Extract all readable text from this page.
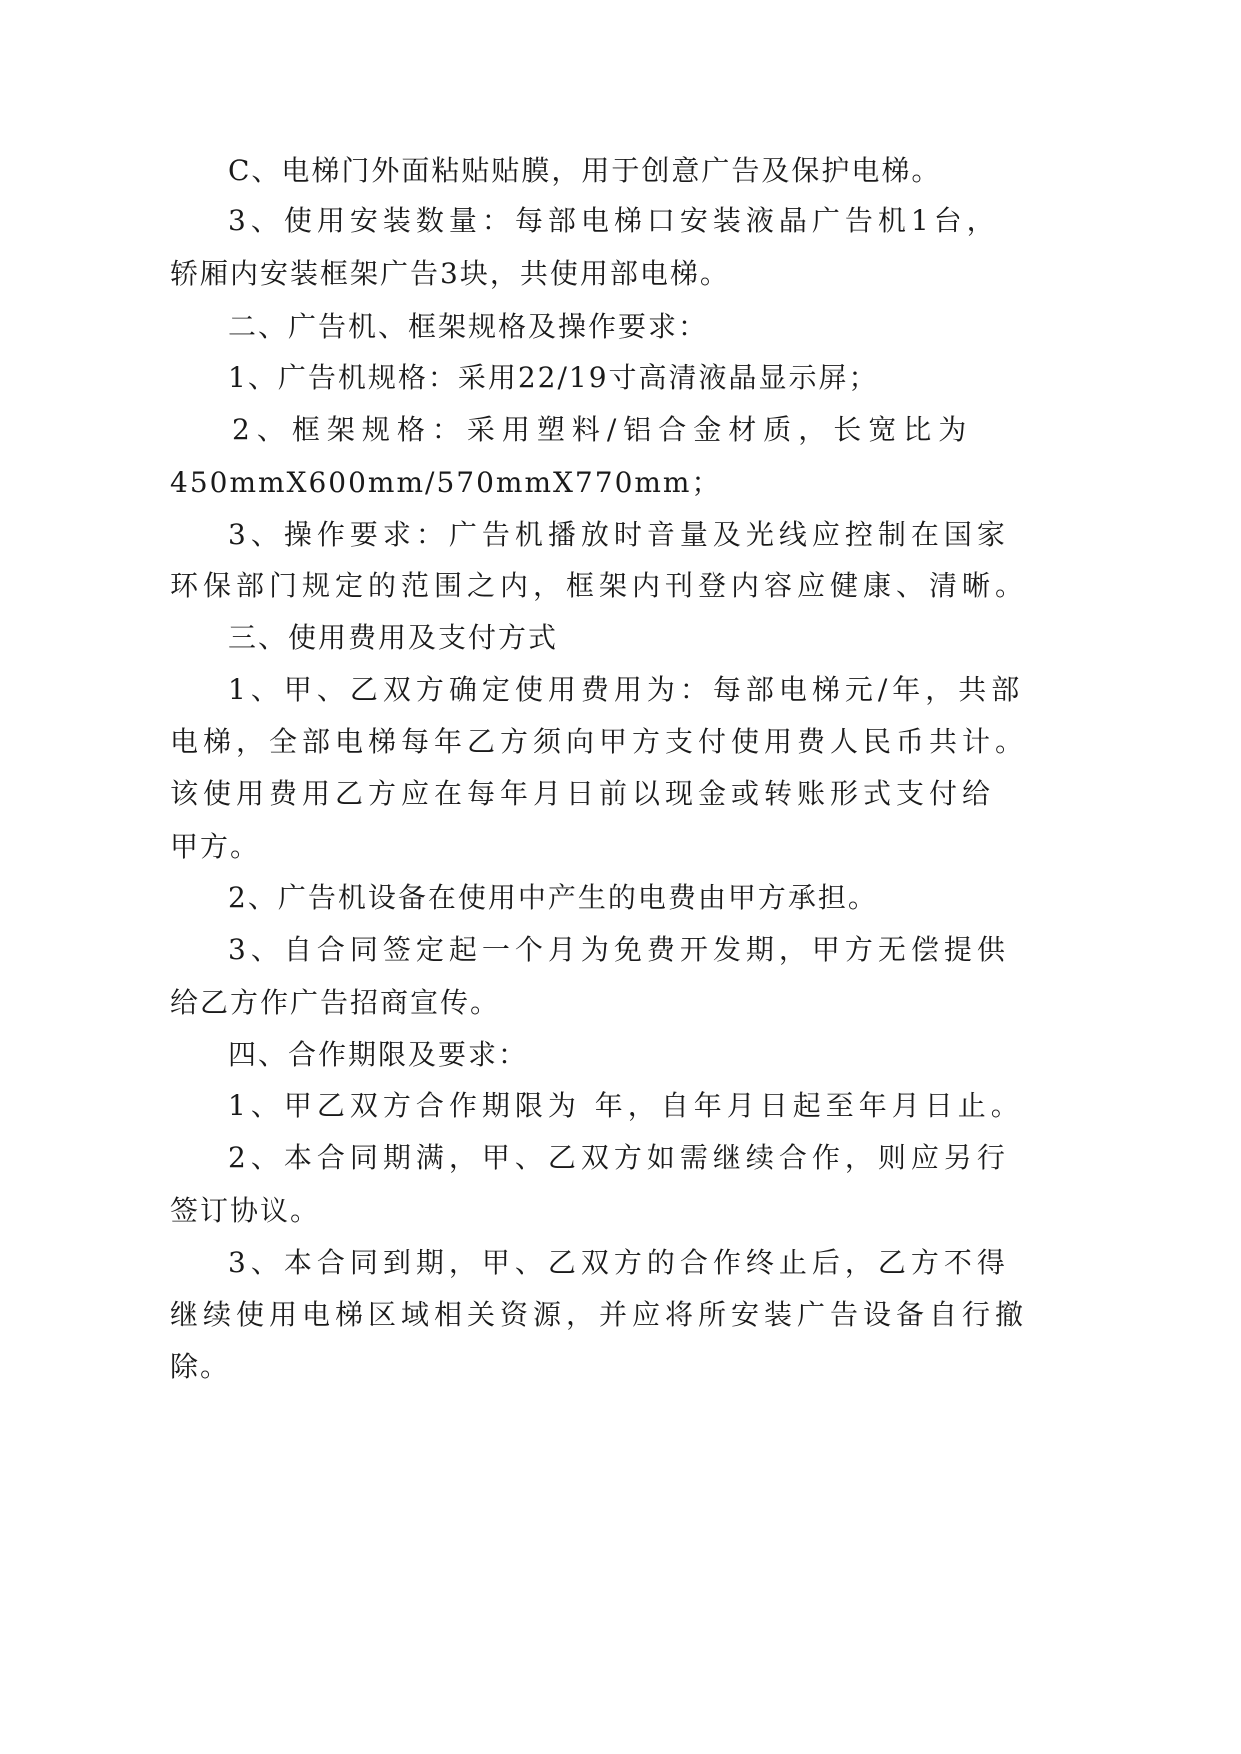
C、电梯门外面粘贴贴膜，用于创意广告及保护电梯。
3、使用安装数量：每部电梯口安装液晶广告机1台，
轿厢内安装框架广告3块，共使用部电梯。
二、广告机、框架规格及操作要求：
1、广告机规格：采用22/19寸高清液晶显示屏；
2、框架规格：采用塑料/铝合金材质，长宽比为
450mmX600mm/570mmX770mm；
3、操作要求：广告机播放时音量及光线应控制在国家
环保部门规定的范围之内，框架内刊登内容应健康、清晰。
三、使用费用及支付方式
1、甲、乙双方确定使用费用为：每部电梯元/年，共部
电梯，全部电梯每年乙方须向甲方支付使用费人民币共计。
该使用费用乙方应在每年月日前以现金或转账形式支付给
甲方。
2、广告机设备在使用中产生的电费由甲方承担。
3、自合同签定起一个月为免费开发期，甲方无偿提供
给乙方作广告招商宣传。
四、合作期限及要求：
1、甲乙双方合作期限为 年，自年月日起至年月日止。
2、本合同期满，甲、乙双方如需继续合作，则应另行
签订协议。
3、本合同到期，甲、乙双方的合作终止后，乙方不得
继续使用电梯区域相关资源，并应将所安装广告设备自行撤
除。
